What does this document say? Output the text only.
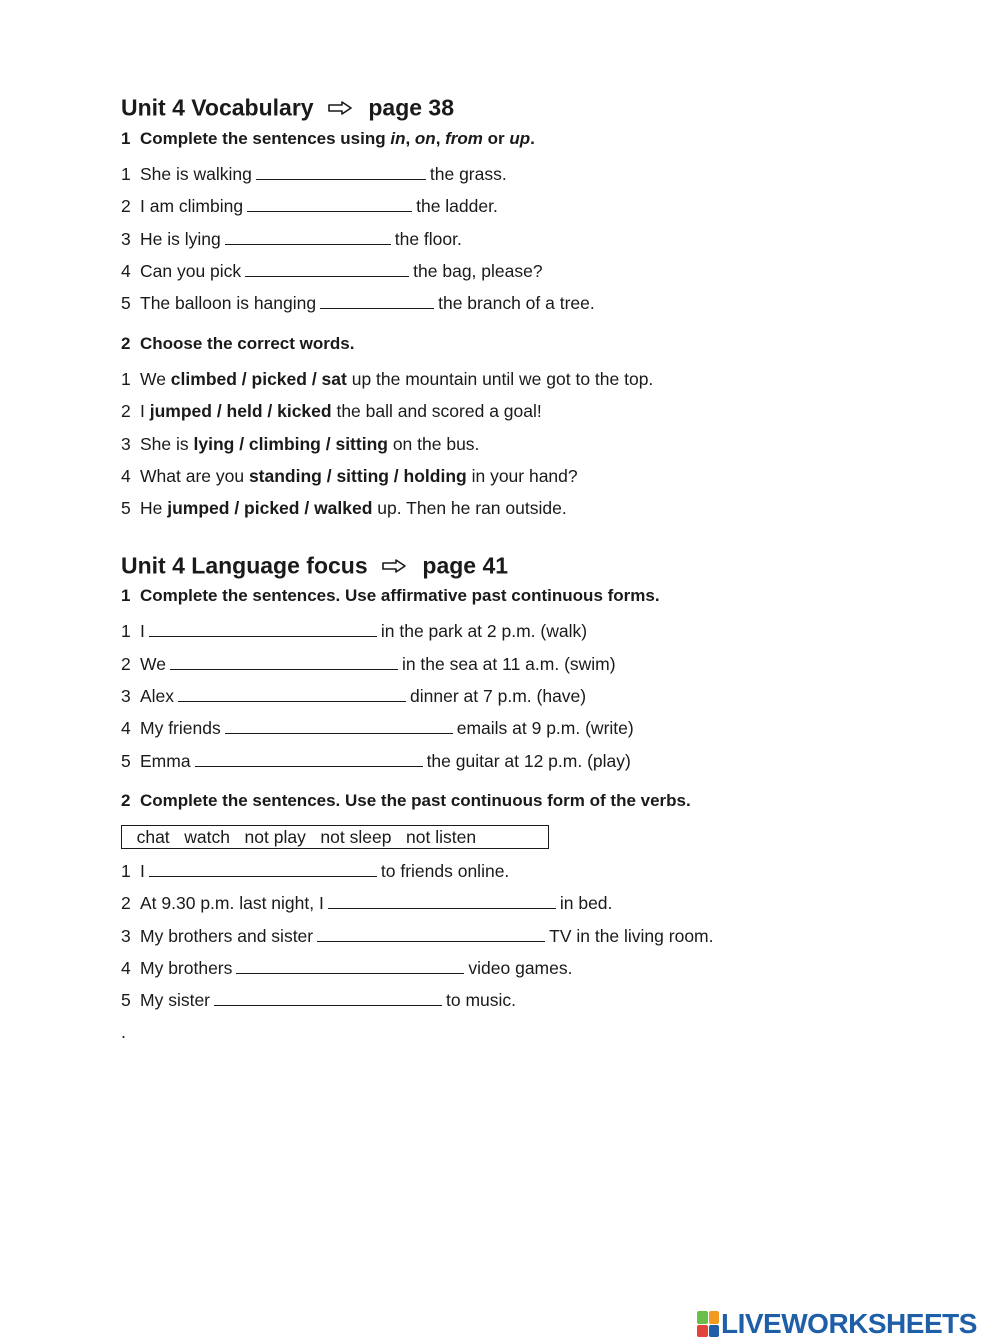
Unit 4 Vocabulary page 38
1 Complete the sentences using in, on, from or up.
1 She is walking	the grass.
2 I am climbing	the ladder.
3 He is lying	the floor.
4 Can you pick	the bag, please?
5 The balloon is hanging	the branch of a tree.
2 Choose the correct words.
1 We climbed / picked / sat up the mountain until we got to the top.
2 I jumped / held / kicked the ball and scored a goal!
3 She is lying / climbing / sitting on the bus.
4 What are you standing / sitting / holding in your hand?
5 He jumped / picked / walked up. Then he ran outside.
Unit 4 Language focus page 41
1 Complete the sentences. Use affirmative past continuous forms.
1 I	in the park at 2 p.m. (walk)
2 We	in the sea at 11 a.m. (swim)
3 Alex	dinner at 7 p.m. (have)
4 My friends	emails at 9 p.m. (write)
5 Emma	the guitar at 12 p.m. (play)
2 Complete the sentences. Use the past continuous form of the verbs.
chat   watch   not play   not sleep   not listen
1 I	to friends online.
2 At 9.30 p.m. last night, I	in bed.
3 My brothers and sister	TV in the living room.
4 My brothers	video games.
5 My sister	to music.
.
LIVEWORKSHEETS
